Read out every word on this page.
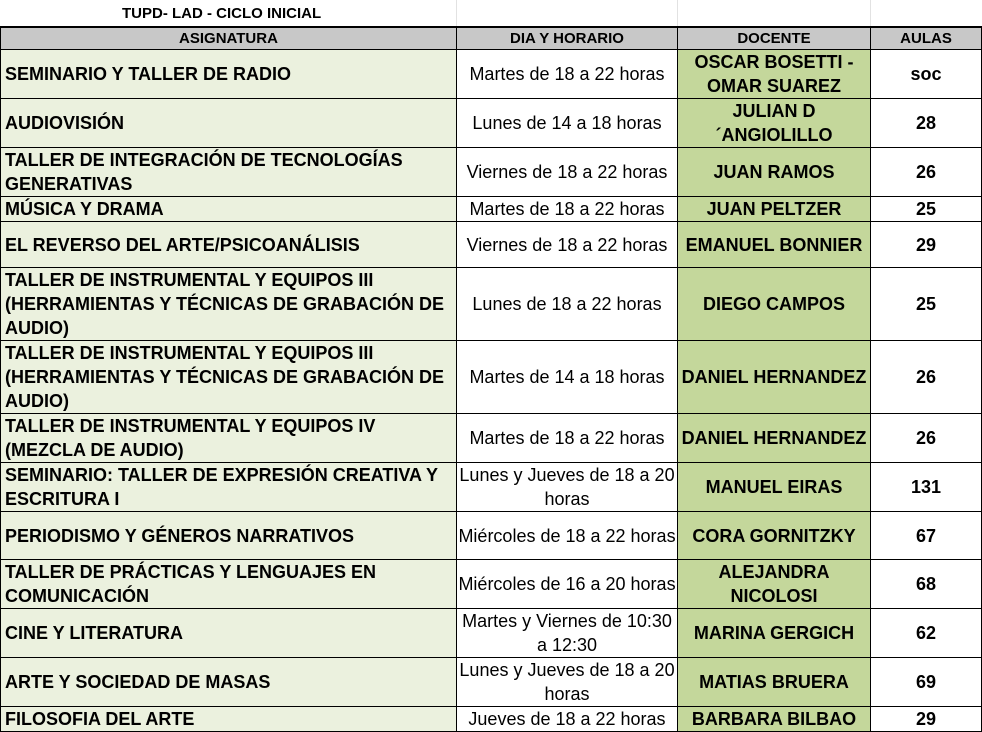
TUPD- LAD - CICLO INICIAL
ASIGNATURA	DIA Y HORARIO	DOCENTE	AULAS
SEMINARIO Y TALLER DE RADIO	Martes de 18 a 22 horas	OSCAR BOSETTI - OMAR SUAREZ	soc
AUDIOVISIÓN	Lunes de 14 a 18 horas	JULIAN D´ANGIOLILLO	28
TALLER DE INTEGRACIÓN DE TECNOLOGÍAS GENERATIVAS	Viernes de 18 a 22 horas	JUAN RAMOS	26
MÚSICA Y DRAMA	Martes de 18 a 22 horas	JUAN PELTZER	25
EL REVERSO DEL ARTE/PSICOANÁLISIS	Viernes de 18 a 22 horas	EMANUEL BONNIER	29
TALLER DE INSTRUMENTAL Y EQUIPOS III (HERRAMIENTAS Y TÉCNICAS DE GRABACIÓN DE AUDIO)	Lunes de 18 a 22 horas	DIEGO CAMPOS	25
TALLER DE INSTRUMENTAL Y EQUIPOS III (HERRAMIENTAS Y TÉCNICAS DE GRABACIÓN DE AUDIO)	Martes de 14 a 18 horas	DANIEL HERNANDEZ	26
TALLER DE INSTRUMENTAL Y EQUIPOS IV (MEZCLA DE AUDIO)	Martes de 18 a 22 horas	DANIEL HERNANDEZ	26
SEMINARIO: TALLER DE EXPRESIÓN CREATIVA Y ESCRITURA I	Lunes y Jueves de 18 a 20 horas	MANUEL EIRAS	131
PERIODISMO Y GÉNEROS NARRATIVOS	Miércoles de 18 a 22 horas	CORA GORNITZKY	67
TALLER DE PRÁCTICAS Y LENGUAJES EN COMUNICACIÓN	Miércoles de 16 a 20 horas	ALEJANDRA NICOLOSI	68
CINE Y LITERATURA	Martes y Viernes de 10:30 a 12:30	MARINA GERGICH	62
ARTE Y SOCIEDAD DE MASAS	Lunes y Jueves de 18 a 20 horas	MATIAS BRUERA	69
FILOSOFIA DEL ARTE	Jueves de 18 a 22 horas	BARBARA BILBAO	29
